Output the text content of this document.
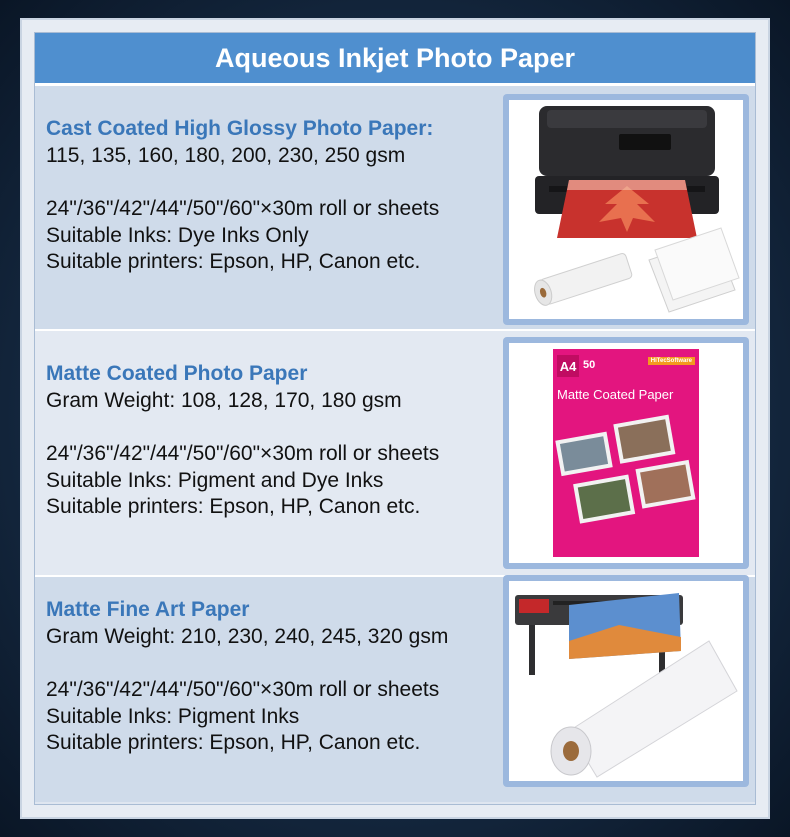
Aqueous Inkjet Photo Paper
Cast Coated High Glossy Photo Paper:
115, 135, 160, 180, 200, 230, 250 gsm
24"/36"/42"/44"/50"/60"×30m roll or sheets
Suitable Inks: Dye Inks Only
Suitable printers: Epson, HP, Canon etc.
Matte Coated Photo Paper
Gram Weight: 108, 128, 170, 180 gsm
24"/36"/42"/44"/50"/60"×30m roll or sheets
Suitable Inks: Pigment and Dye Inks
Suitable printers: Epson, HP, Canon etc.
A4 50	HiTecSoftware
Matte Coated Paper
Matte Fine Art Paper
Gram Weight: 210, 230, 240, 245, 320 gsm
24"/36"/42"/44"/50"/60"×30m roll or sheets
Suitable Inks: Pigment Inks
Suitable printers: Epson, HP, Canon etc.
